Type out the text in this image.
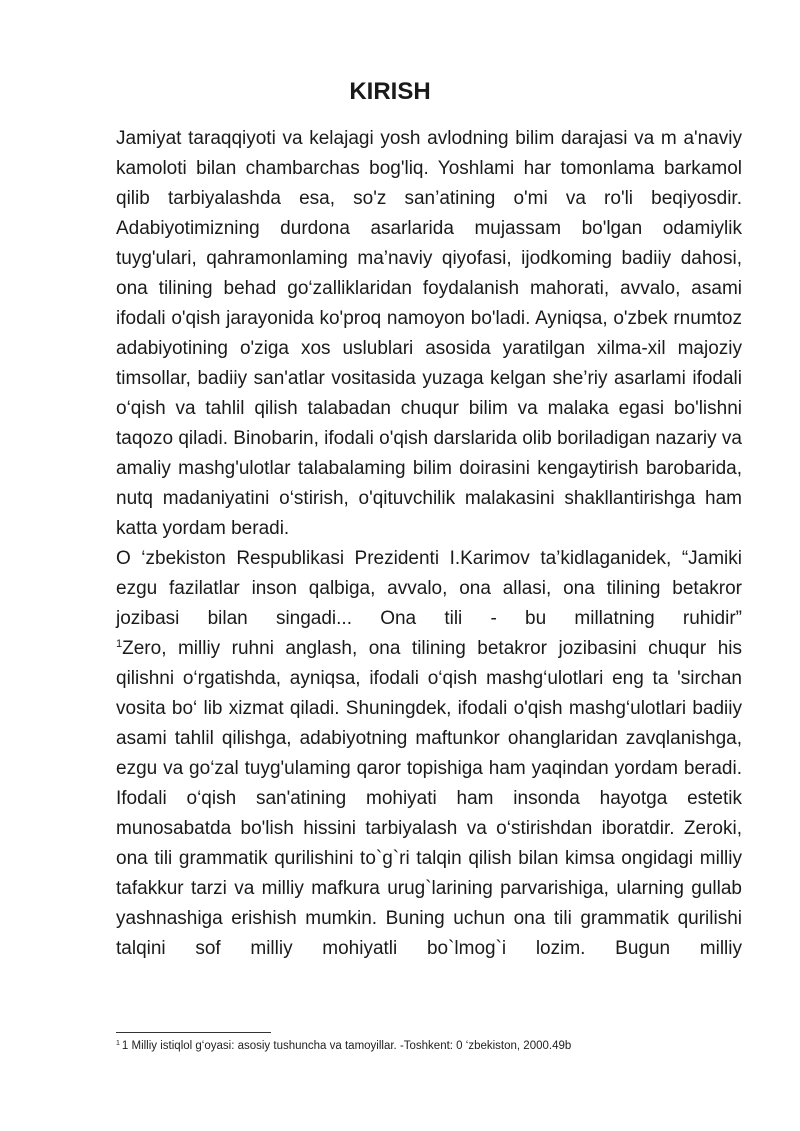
KIRISH

Jamiyat taraqqiyoti va kelajagi yosh avlodning bilim darajasi va m a'naviy kamoloti bilan chambarchas bog'liq. Yoshlami har tomonlama barkamol qilib tarbiyalashda esa, so'z san’atining o'mi va ro'li beqiyosdir. Adabiyotimizning durdona asarlarida mujassam bo'lgan odamiylik tuyg'ulari, qahramonlaming ma’naviy qiyofasi, ijodkoming badiiy dahosi, ona tilining behad go‘zalliklaridan foydalanish mahorati, avvalo, asami ifodali o'qish jarayonida ko'proq namoyon bo'ladi. Ayniqsa, o'zbek rnumtoz adabiyotining o'ziga xos uslublari asosida yaratilgan xilma-xil majoziy timsollar, badiiy san'atlar vositasida yuzaga kelgan she’riy asarlami ifodali o‘qish va tahlil qilish talabadan chuqur bilim va malaka egasi bo'lishni taqozo qiladi. Binobarin, ifodali o'qish darslarida olib boriladigan nazariy va amaliy mashg'ulotlar talabalaming bilim doirasini kengaytirish barobarida, nutq madaniyatini o‘stirish, o'qituvchilik malakasini shakllantirishga ham katta yordam beradi.

O ‘zbekiston Respublikasi Prezidenti I.Karimov ta’kidlaganidek, “Jamiki ezgu fazilatlar inson qalbiga, avvalo, ona allasi, ona tilining betakror jozibasi bilan singadi... Ona tili - bu millatning ruhidir”
$^1$Zero, milliy ruhni anglash, ona tilining betakror jozibasini chuqur his qilishni o‘rgatishda, ayniqsa, ifodali o‘qish mashg‘ulotlari eng ta 'sirchan vosita bo‘ lib xizmat qiladi. Shuningdek, ifodali o'qish mashg‘ulotlari badiiy asami tahlil qilishga, adabiyotning maftunkor ohanglaridan zavqlanishga, ezgu va go‘zal tuyg'ulaming qaror topishiga ham yaqindan yordam beradi. Ifodali o‘qish san'atining mohiyati ham insonda hayotga estetik munosabatda bo'lish hissini tarbiyalash va o‘stirishdan iboratdir. Zeroki, ona tili grammatik qurilishini to`g`ri talqin qilish bilan kimsa ongidagi milliy tafakkur tarzi va milliy mafkura urug`larining parvarishiga, ularning gullab yashnashiga erishish mumkin. Buning uchun ona tili grammatik qurilishi talqini sof milliy mohiyatli bo`lmog`i lozim. Bugun milliy

$^1$ 1 Milliy istiqlol g‘oyasi: asosiy tushuncha va tamoyillar. -Toshkent: 0 ‘zbekiston, 2000.49b
